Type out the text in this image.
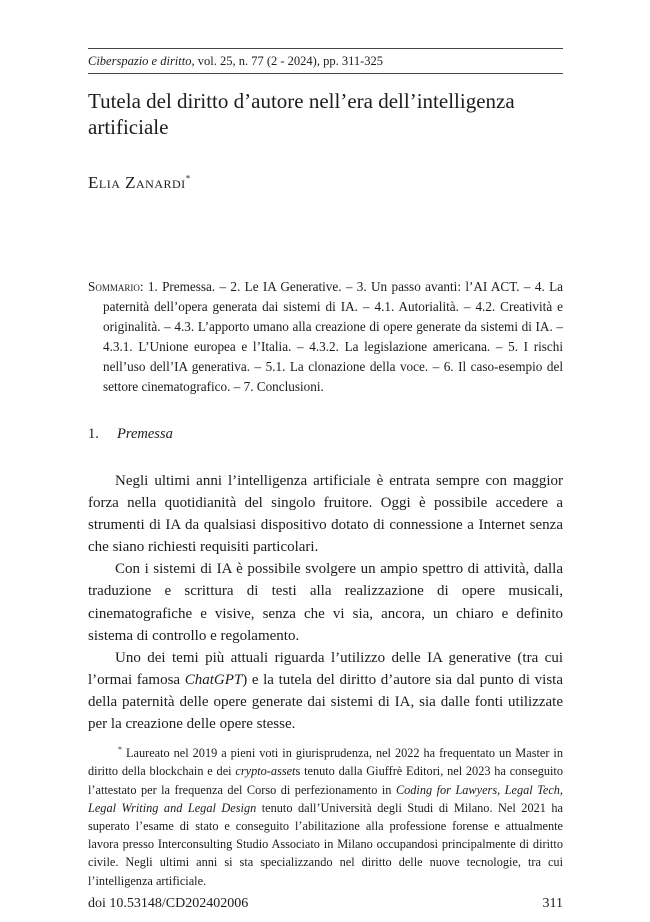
Ciberspazio e diritto, vol. 25, n. 77 (2 - 2024), pp. 311-325
Tutela del diritto d’autore nell’era dell’intelligenza artificiale
Elia Zanardi*
Sommario: 1. Premessa. – 2. Le IA Generative. – 3. Un passo avanti: l’AI ACT. – 4. La paternità dell’opera generata dai sistemi di IA. – 4.1. Autorialità. – 4.2. Creatività e originalità. – 4.3. L’apporto umano alla creazione di opere generate da sistemi di IA. – 4.3.1. L’Unione europea e l’Italia. – 4.3.2. La legislazione americana. – 5. I rischi nell’uso dell’IA generativa. – 5.1. La clonazione della voce. – 6. Il caso-esempio del settore cinematografico. – 7. Conclusioni.
1. Premessa

Negli ultimi anni l’intelligenza artificiale è entrata sempre con maggior forza nella quotidianità del singolo fruitore. Oggi è possibile accedere a strumenti di IA da qualsiasi dispositivo dotato di connessione a Internet senza che siano richiesti requisiti particolari.

Con i sistemi di IA è possibile svolgere un ampio spettro di attività, dalla traduzione e scrittura di testi alla realizzazione di opere musicali, cinematografiche e visive, senza che vi sia, ancora, un chiaro e definito sistema di controllo e regolamento.

Uno dei temi più attuali riguarda l’utilizzo delle IA generative (tra cui l’ormai famosa ChatGPT) e la tutela del diritto d’autore sia dal punto di vista della paternità delle opere generate dai sistemi di IA, sia dalle fonti utilizzate per la creazione delle opere stesse.

* Laureato nel 2019 a pieni voti in giurisprudenza, nel 2022 ha frequentato un Master in diritto della blockchain e dei crypto-assets tenuto dalla Giuffrè Editori, nel 2023 ha conseguito l’attestato per la frequenza del Corso di perfezionamento in Coding for Lawyers, Legal Tech, Legal Writing and Legal Design tenuto dall’Università degli Studi di Milano. Nel 2021 ha superato l’esame di stato e conseguito l’abilitazione alla professione forense e attualmente lavora presso Interconsulting Studio Associato in Milano occupandosi principalmente di diritto civile. Negli ultimi anni si sta specializzando nel diritto delle nuove tecnologie, tra cui l’intelligenza artificiale.
doi 10.53148/CD202402006	311
